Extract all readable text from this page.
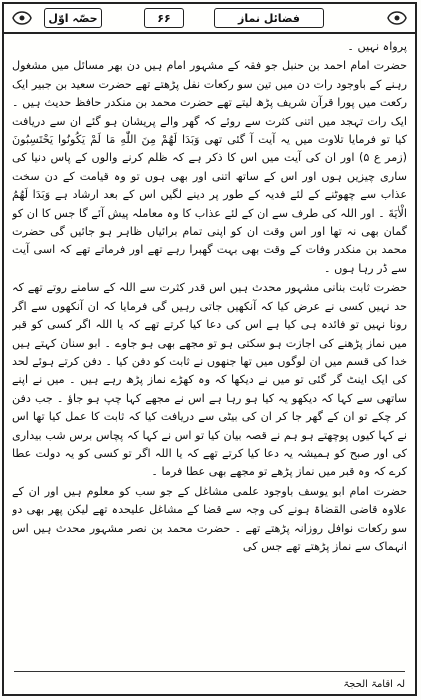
حصّہ اوّل	۶۶	فضائل نماز

پرواہ نہیں ۔

حضرت امام احمد بن حنبل جو فقہ کے مشہور امام ہیں دن بھر مسائل میں مشغول رہنے کے باوجود رات دن میں تین سو رکعات نفل پڑھتے تھے حضرت سعید بن جبیر ایک رکعت میں پورا قرآن شریف پڑھ لیتے تھے حضرت محمد بن منکدر حافظ حدیث ہیں ۔ ایک رات تہجد میں اتنی کثرت سے روئے کہ گھر والے پریشان ہو گئے ان سے دریافت کیا تو فرمایا تلاوت میں یہ آیت آ گئی تھی وَبَدَا لَهُمْ مِنَ اللّٰهِ مَا لَمْ يَكُونُوا يَحْتَسِبُونَ (زمر ع ۵) اور ان کی آیت میں اس کا ذکر ہے کہ ظلم کرنے والوں کے پاس دنیا کی ساری چیزیں ہوں اور اس کے ساتھ اتنی اور بھی ہوں تو وہ قیامت کے دن سخت عذاب سے چھوٹنے کے لئے فدیہ کے طور پر دینے لگیں اس کے بعد ارشاد ہے وَبَدَا لَهُمُ الْاٰيَةَ ۔ اور اللہ کی طرف سے ان کے لئے عذاب کا وہ معاملہ پیش آئے گا جس کا ان کو گمان بھی نہ تھا اور اس وقت ان کو اپنی تمام برائیاں ظاہر ہو جائیں گی حضرت محمد بن منکدر وفات کے وقت بھی بہت گھبرا رہے تھے اور فرماتے تھے کہ اسی آیت سے ڈر رہا ہوں ۔

حضرت ثابت بنانی مشہور محدث ہیں اس قدر کثرت سے اللہ کے سامنے روتے تھے کہ حد نہیں کسی نے عرض کیا کہ آنکھیں جاتی رہیں گی فرمایا کہ ان آنکھوں سے اگر رونا نہیں تو فائدہ ہی کیا ہے اس کی دعا کیا کرتے تھے کہ یا اللہ اگر کسی کو قبر میں نماز پڑھنے کی اجازت ہو سکتی ہو تو مجھے بھی ہو جاوے ۔ ابو سنان کہتے ہیں خدا کی قسم میں ان لوگوں میں تھا جنھوں نے ثابت کو دفن کیا ۔ دفن کرتے ہوئے لحد کی ایک اینٹ گر گئی تو میں نے دیکھا کہ وہ کھڑے نماز پڑھ رہے ہیں ۔ میں نے اپنے ساتھی سے کہا کہ دیکھو یہ کیا ہو رہا ہے اس نے مجھے کہا چپ ہو جاؤ ۔ جب دفن کر چکے تو ان کے گھر جا کر ان کی بیٹی سے دریافت کیا کہ ثابت کا عمل کیا تھا اس نے کہا کیوں پوچھتے ہو ہم نے قصہ بیان کیا تو اس نے کہا کہ پچاس برس شب بیداری کی اور صبح کو ہمیشہ یہ دعا کیا کرتے تھے کہ یا اللہ اگر تو کسی کو یہ دولت عطا کرے کہ وہ قبر میں نماز پڑھے تو مجھے بھی عطا فرما ۔

حضرت امام ابو یوسف باوجود علمی مشاغل کے جو سب کو معلوم ہیں اور ان کے علاوہ قاضی القضاۃ ہونے کی وجہ سے قضا کے مشاغل علیحدہ تھے لیکن پھر بھی دو سو رکعات نوافل روزانہ پڑھتے تھے ۔ حضرت محمد بن نصر مشہور محدث ہیں اس انہماک سے نماز پڑھتے تھے جس کی

لہ اقامۃ الحجۃ
